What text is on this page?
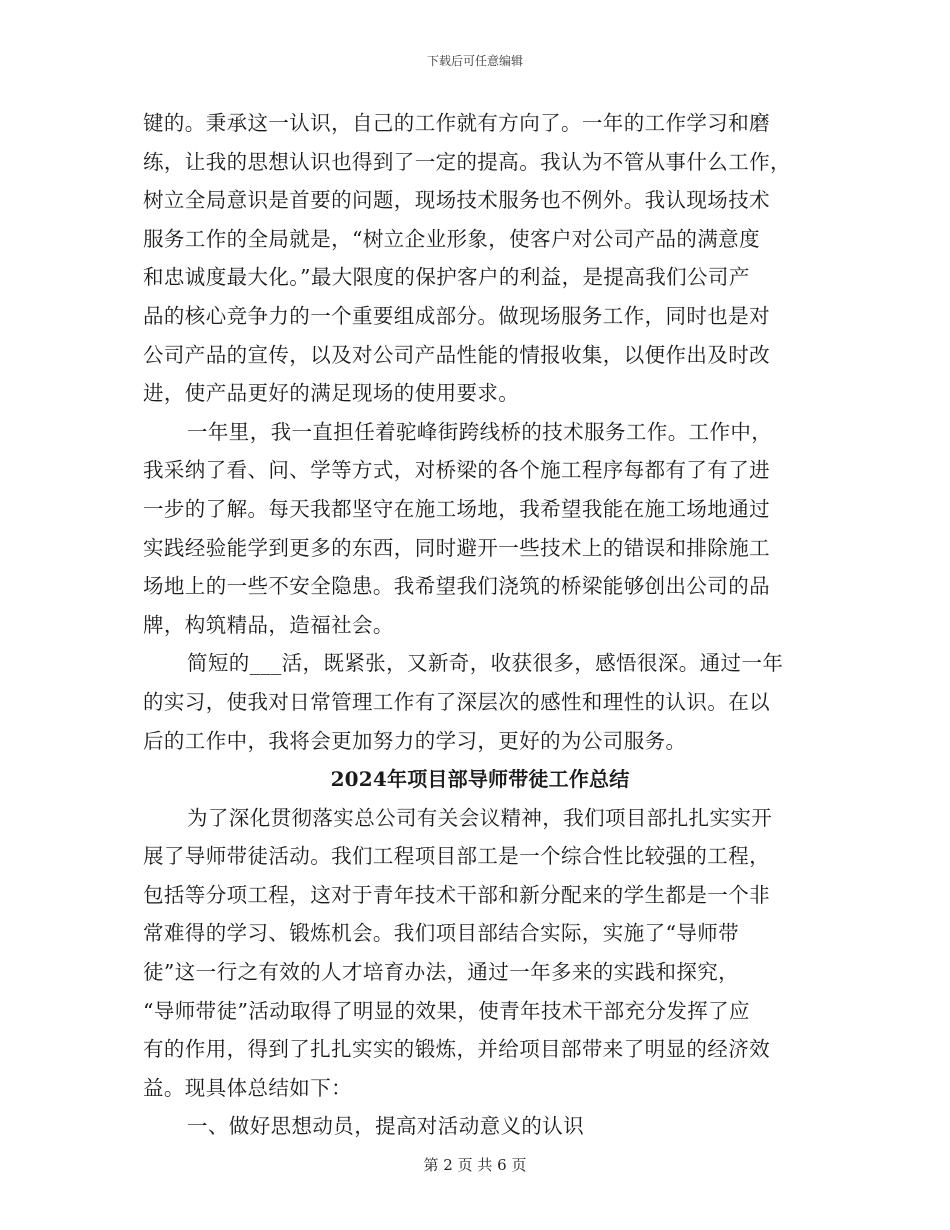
下载后可任意编辑
键的。秉承这一认识，自己的工作就有方向了。一年的工作学习和磨
练，让我的思想认识也得到了一定的提高。我认为不管从事什么工作，
树立全局意识是首要的问题，现场技术服务也不例外。我认现场技术
服务工作的全局就是，“树立企业形象，使客户对公司产品的满意度
和忠诚度最大化。”最大限度的保护客户的利益，是提高我们公司产
品的核心竞争力的一个重要组成部分。做现场服务工作，同时也是对
公司产品的宣传，以及对公司产品性能的情报收集，以便作出及时改
进，使产品更好的满足现场的使用要求。
一年里，我一直担任着驼峰街跨线桥的技术服务工作。工作中，
我采纳了看、问、学等方式，对桥梁的各个施工程序每都有了有了进
一步的了解。每天我都坚守在施工场地，我希望我能在施工场地通过
实践经验能学到更多的东西，同时避开一些技术上的错误和排除施工
场地上的一些不安全隐患。我希望我们浇筑的桥梁能够创出公司的品
牌，构筑精品，造福社会。
简短的___活，既紧张，又新奇，收获很多，感悟很深。通过一年
的实习，使我对日常管理工作有了深层次的感性和理性的认识。在以
后的工作中，我将会更加努力的学习，更好的为公司服务。
2024年项目部导师带徒工作总结
为了深化贯彻落实总公司有关会议精神，我们项目部扎扎实实开
展了导师带徒活动。我们工程项目部工是一个综合性比较强的工程，
包括等分项工程，这对于青年技术干部和新分配来的学生都是一个非
常难得的学习、锻炼机会。我们项目部结合实际，实施了“导师带
徒”这一行之有效的人才培育办法，通过一年多来的实践和探究，
“导师带徒”活动取得了明显的效果，使青年技术干部充分发挥了应
有的作用，得到了扎扎实实的锻炼，并给项目部带来了明显的经济效
益。现具体总结如下：
一、做好思想动员，提高对活动意义的认识
第 2 页 共 6 页
